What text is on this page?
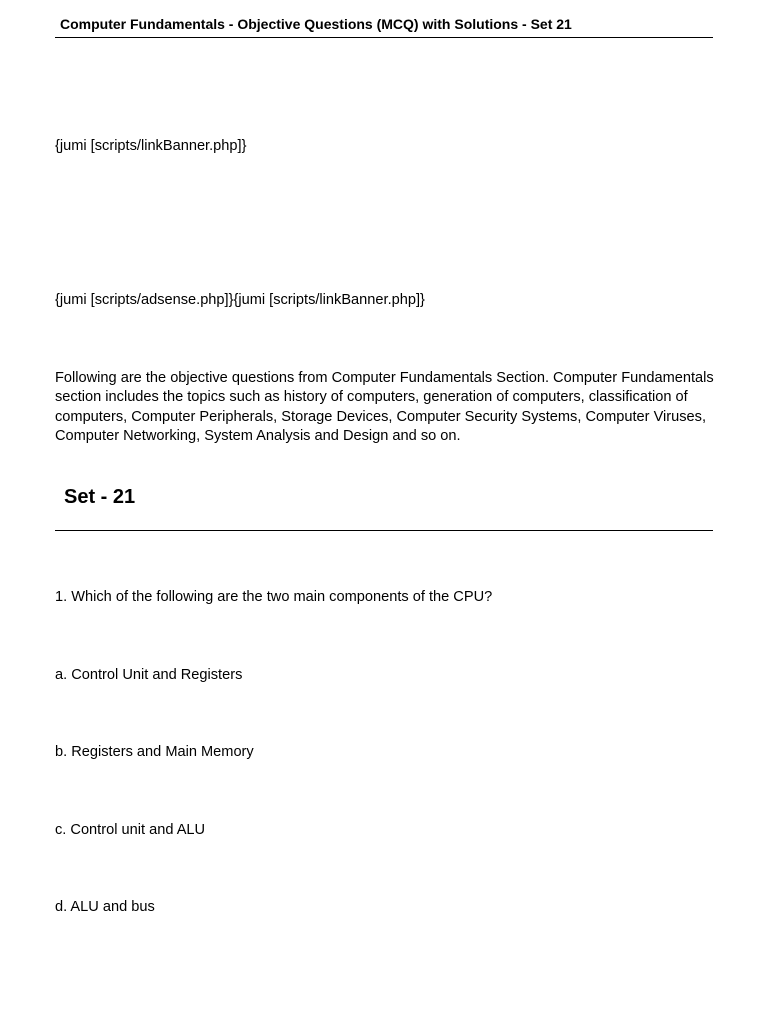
Computer Fundamentals - Objective Questions (MCQ) with Solutions - Set 21
{jumi [scripts/linkBanner.php]}
{jumi [scripts/adsense.php]}{jumi [scripts/linkBanner.php]}
Following are the objective questions from Computer Fundamentals Section. Computer Fundamentals section includes the topics such as history of computers, generation of computers, classification of computers, Computer Peripherals, Storage Devices, Computer Security Systems, Computer Viruses, Computer Networking, System Analysis and Design and so on.
Set - 21
1. Which of the following are the two main components of the CPU?
a. Control Unit and Registers
b. Registers and Main Memory
c. Control unit and ALU
d. ALU and bus
